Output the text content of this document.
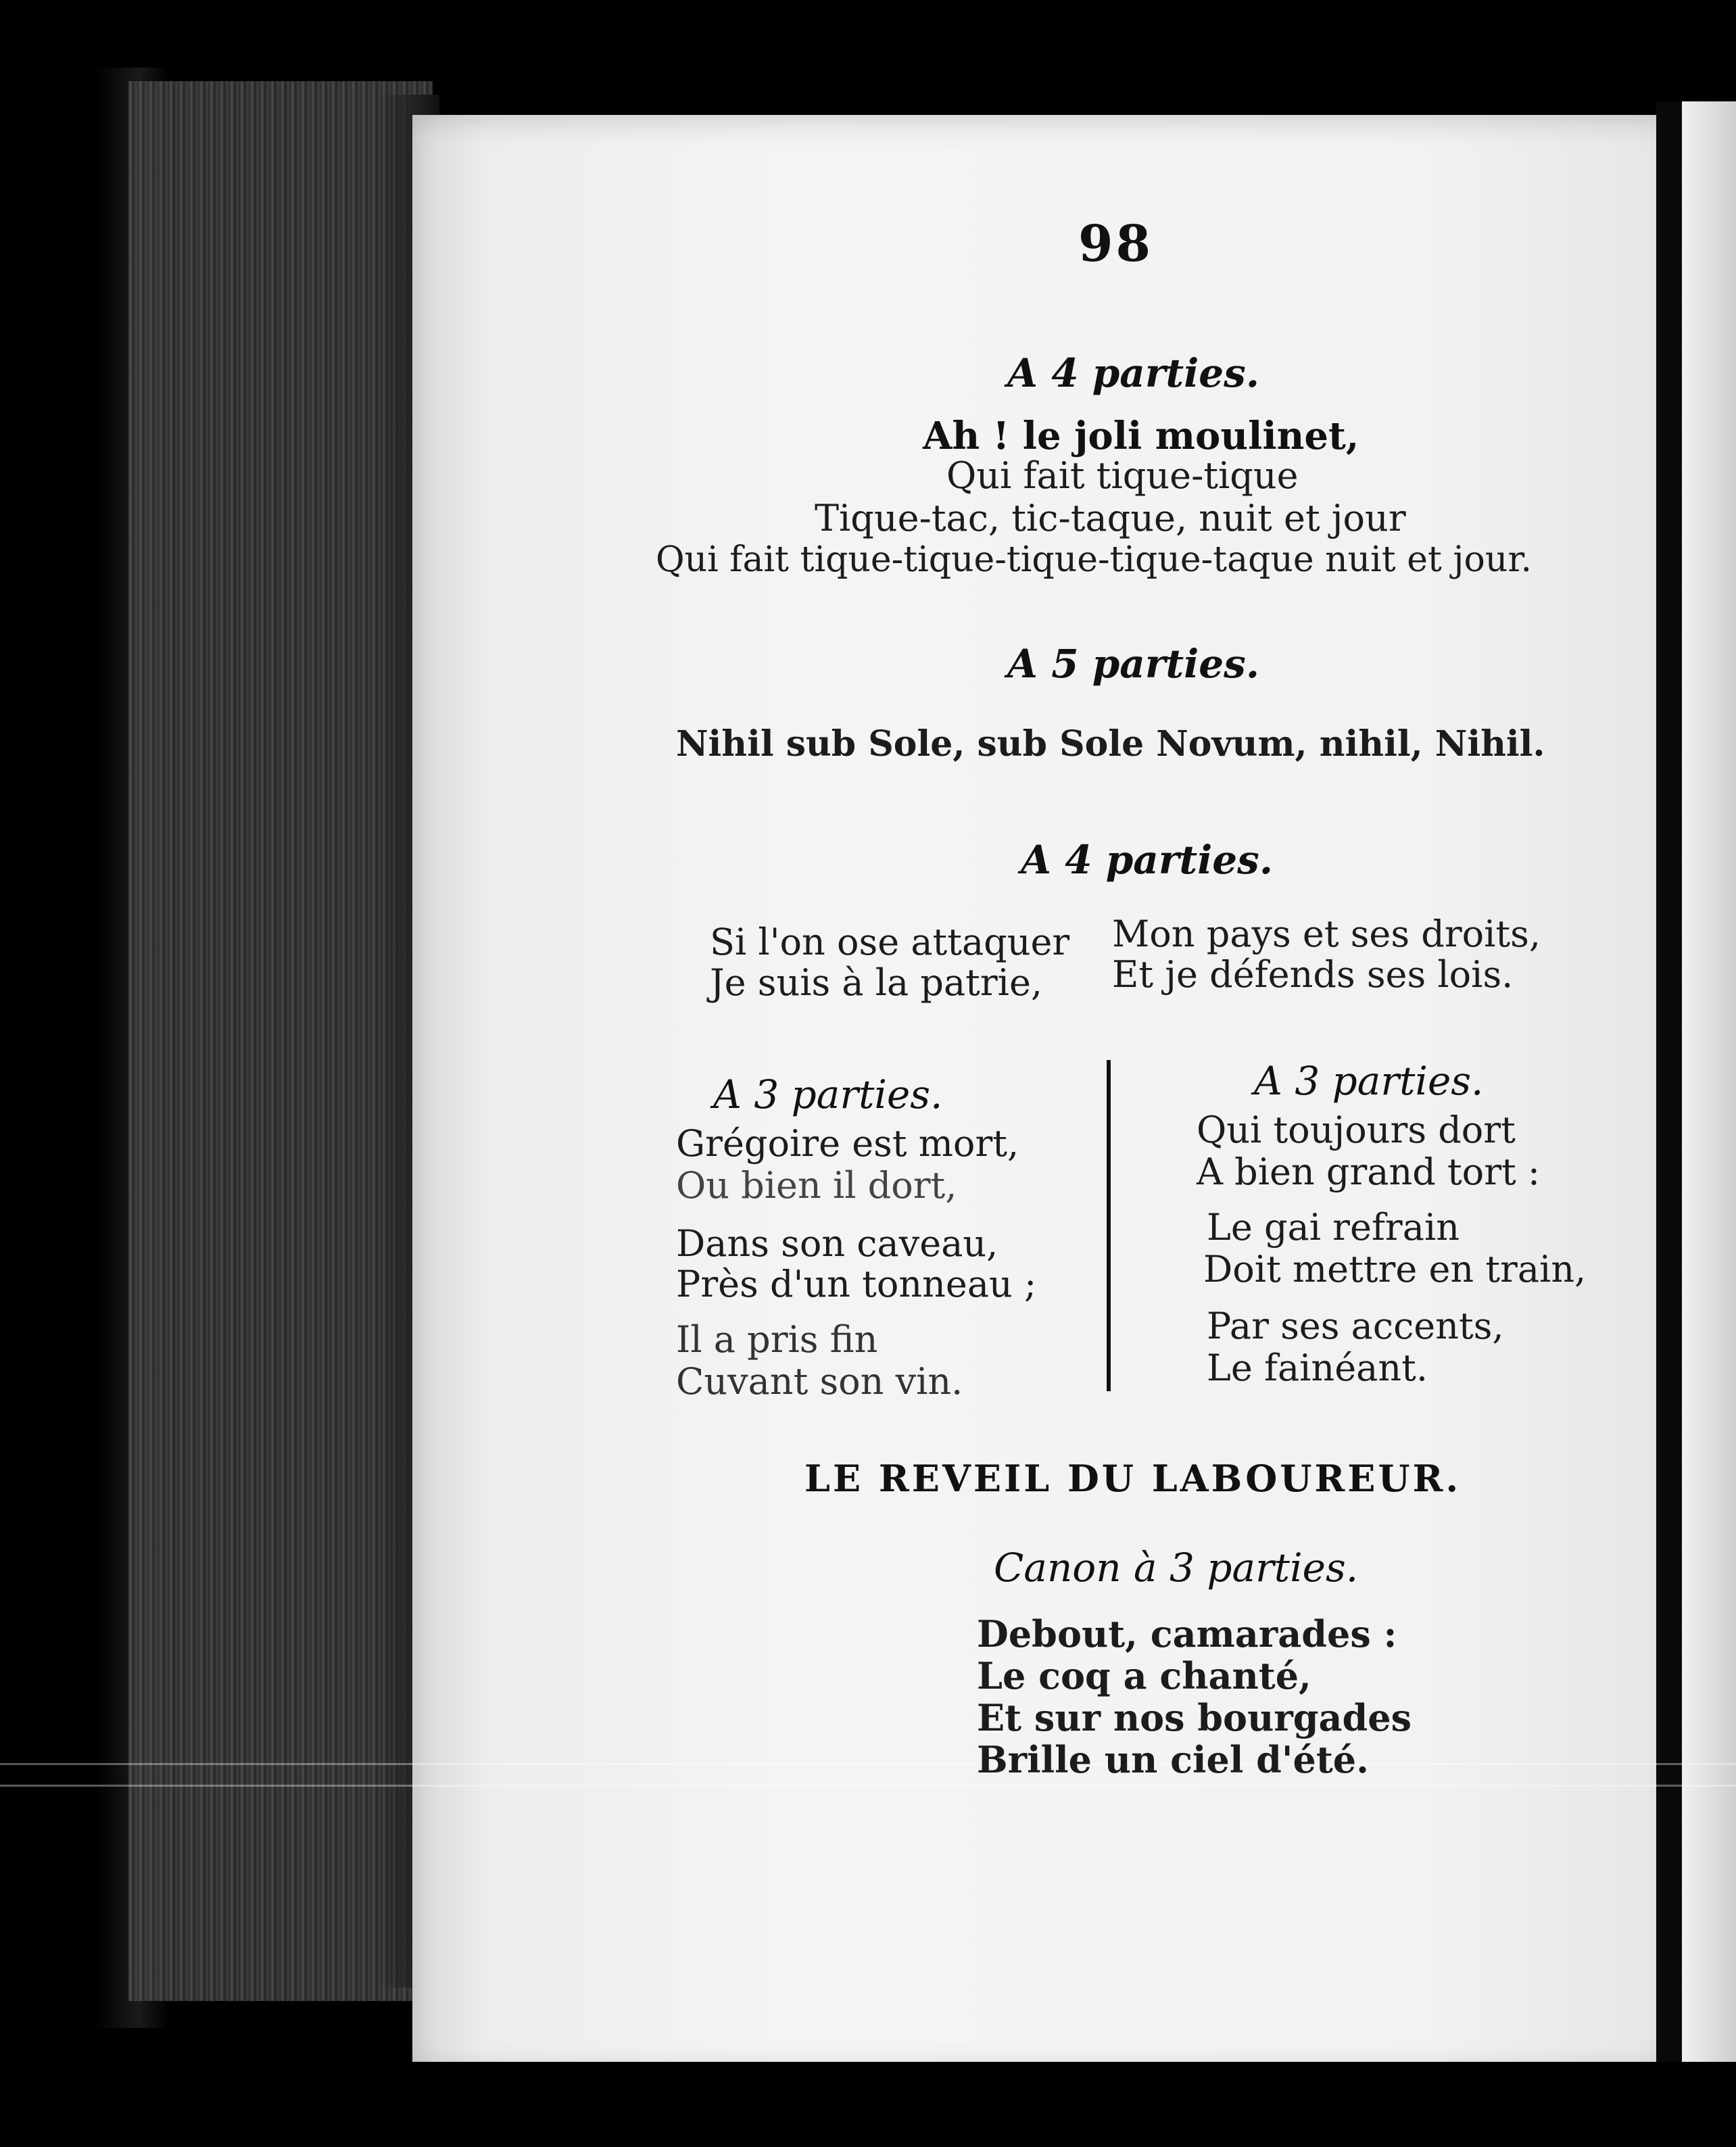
98
A 4 parties.
Ah ! le joli moulinet,
Qui fait tique-tique
Tique-tac, tic-taque, nuit et jour
Qui fait tique-tique-tique-tique-taque nuit et jour.
A 5 parties.
Nihil sub Sole, sub Sole Novum, nihil, Nihil.
A 4 parties.
Si l'on ose attaquer
Je suis à la patrie,
Mon pays et ses droits,
Et je défends ses lois.
A 3 parties.
Grégoire est mort,
Ou bien il dort,
Dans son caveau,
Près d'un tonneau ;
Il a pris fin
Cuvant son vin.
A 3 parties.
Qui toujours dort
A bien grand tort :
Le gai refrain
Doit mettre en train,
Par ses accents,
Le fainéant.
LE REVEIL DU LABOUREUR.
Canon à 3 parties.
Debout, camarades :
Le coq a chanté,
Et sur nos bourgades
Brille un ciel d'été.
